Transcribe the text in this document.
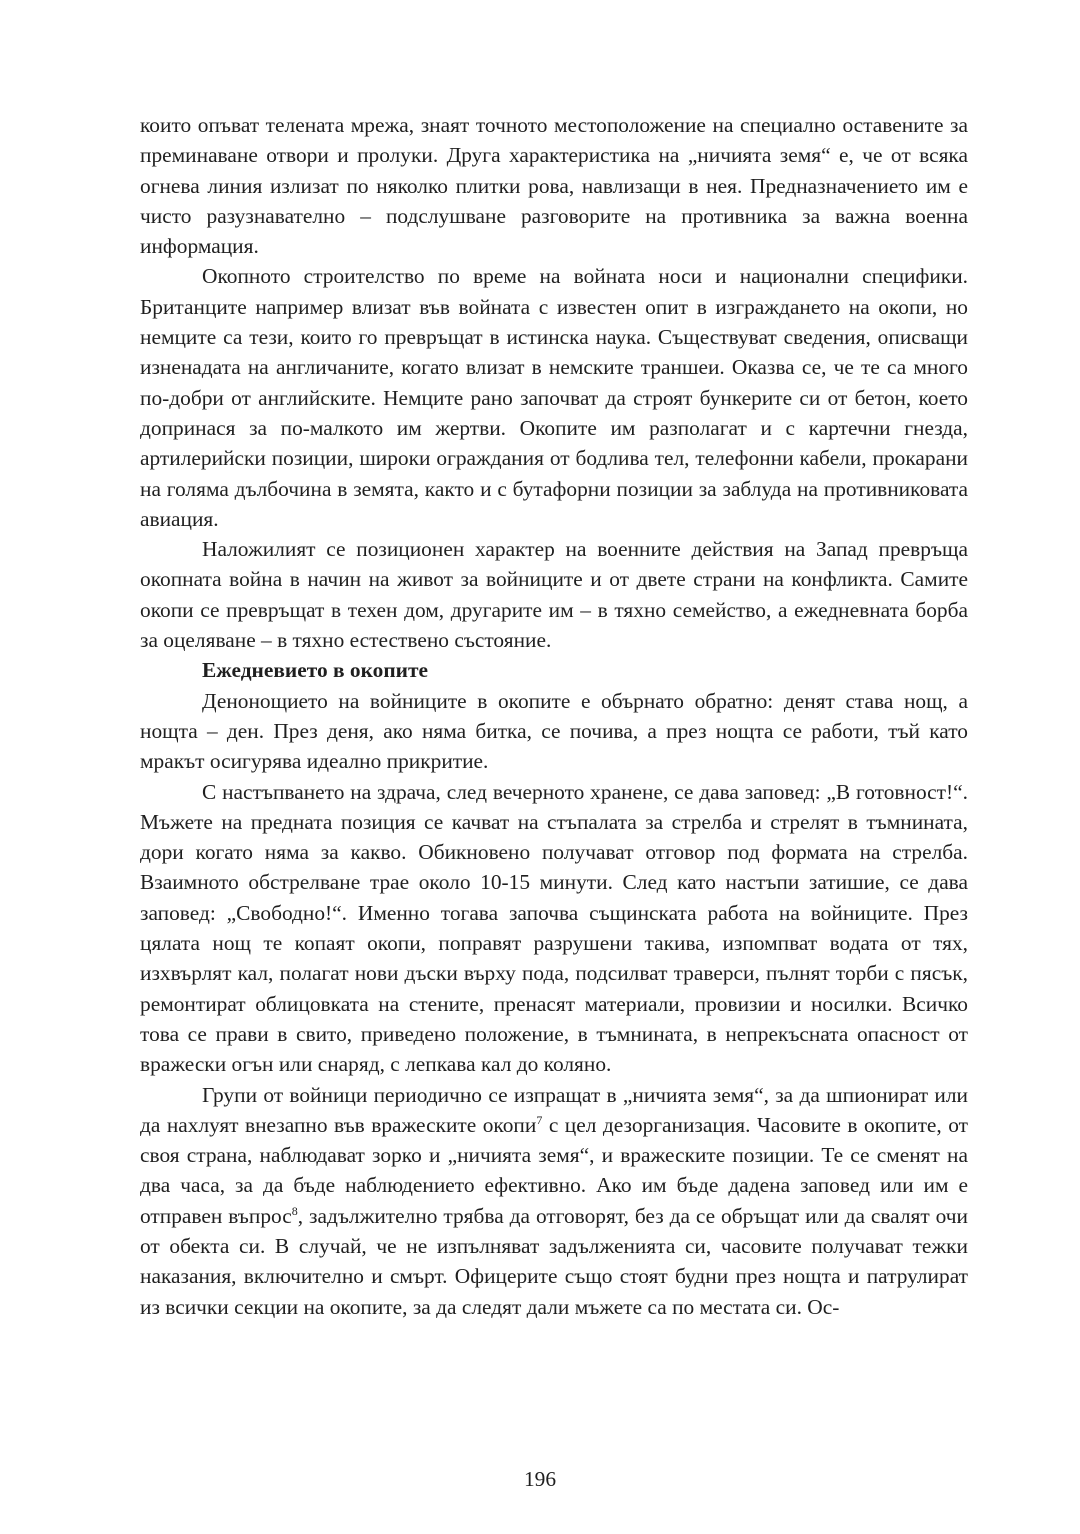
които опъват телената мрежа, знаят точното местоположение на специално оставените за преминаване отвори и пролуки. Друга характеристика на „ничията земя“ е, че от всяка огнева линия излизат по няколко плитки рова, навлизащи в нея. Предназначението им е чисто разузнавателно – подслушване разговорите на противника за важна военна информация.

Окопното строителство по време на войната носи и национални специфики. Британците например влизат във войната с известен опит в изграждането на окопи, но немците са тези, които го превръщат в истинска наука. Съществуват сведения, описващи изненадата на англичаните, когато влизат в немските траншеи. Оказва се, че те са много по-добри от английските. Немците рано започват да строят бункерите си от бетон, което допринася за по-малкото им жертви. Окопите им разполагат и с картечни гнезда, артилерийски позиции, широки ограждания от бодлива тел, телефонни кабели, прокарани на голяма дълбочина в земята, както и с бутафорни позиции за заблуда на противниковата авиация.

Наложилият се позиционен характер на военните действия на Запад превръща окопната война в начин на живот за войниците и от двете страни на конфликта. Самите окопи се превръщат в техен дом, другарите им – в тяхно семейство, а ежедневната борба за оцеляване – в тяхно естествено състояние.

Ежедневието в окопите

Денонощието на войниците в окопите е обърнато обратно: денят става нощ, а нощта – ден. През деня, ако няма битка, се почива, а през нощта се работи, тъй като мракът осигурява идеално прикритие.

С настъпването на здрача, след вечерното хранене, се дава заповед: „В готовност!“. Мъжете на предната позиция се качват на стъпалата за стрелба и стрелят в тъмнината, дори когато няма за какво. Обикновено получават отговор под формата на стрелба. Взаимното обстрелване трае около 10-15 минути. След като настъпи затишие, се дава заповед: „Свободно!“. Именно тогава започва същинската работа на войниците. През цялата нощ те копаят окопи, поправят разрушени такива, изпомпват водата от тях, изхвърлят кал, полагат нови дъски върху пода, подсилват траверси, пълнят торби с пясък, ремонтират облицовката на стените, пренасят материали, провизии и носилки. Всичко това се прави в свито, приведено положение, в тъмнината, в непрекъсната опасност от вражески огън или снаряд, с лепкава кал до коляно.

Групи от войници периодично се изпращат в „ничията земя“, за да шпионират или да нахлуят внезапно във вражеските окопи$^7$ с цел дезорганизация. Часовите в окопите, от своя страна, наблюдават зорко и „ничията земя“, и вражеските позиции. Те се сменят на два часа, за да бъде наблюдението ефективно. Ако им бъде дадена заповед или им е отправен въпрос$^8$, задължително трябва да отговорят, без да се обръщат или да свалят очи от обекта си. В случай, че не изпълняват задълженията си, часовите получават тежки наказания, включително и смърт. Офицерите също стоят будни през нощта и патрулират из всички секции на окопите, за да следят дали мъжете са по местата си. Ос-

196
